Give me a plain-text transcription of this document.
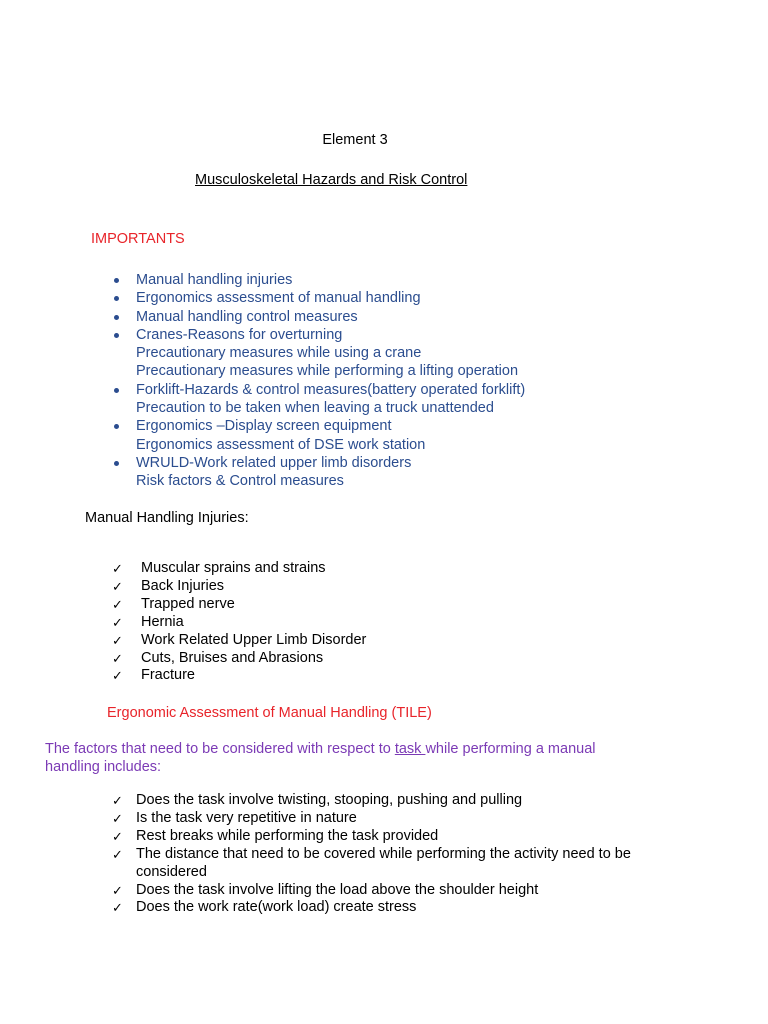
Element 3
Musculoskeletal Hazards and Risk Control
IMPORTANTS
Manual handling injuries
Ergonomics assessment of manual handling
Manual handling control measures
Cranes-Reasons for overturning
Precautionary measures while using a crane
Precautionary measures while performing a lifting operation
Forklift-Hazards & control measures(battery operated forklift)
Precaution to be taken when leaving a truck unattended
Ergonomics –Display screen equipment
Ergonomics assessment of DSE work station
WRULD-Work related upper limb disorders
Risk factors & Control measures
Manual Handling Injuries:
✓ Muscular sprains and strains
✓ Back Injuries
✓ Trapped nerve
✓ Hernia
✓ Work Related Upper Limb Disorder
✓ Cuts, Bruises and Abrasions
✓ Fracture
Ergonomic Assessment of Manual Handling (TILE)
The factors that need to be considered with respect to task while performing a manual handling includes:
✓ Does the task involve twisting, stooping, pushing and pulling
✓ Is the task very repetitive in nature
✓ Rest breaks while performing the task provided
✓ The distance that need to be covered while performing the activity need to be
considered
✓ Does the task involve lifting the load above the shoulder height
✓ Does the work rate(work load) create stress
